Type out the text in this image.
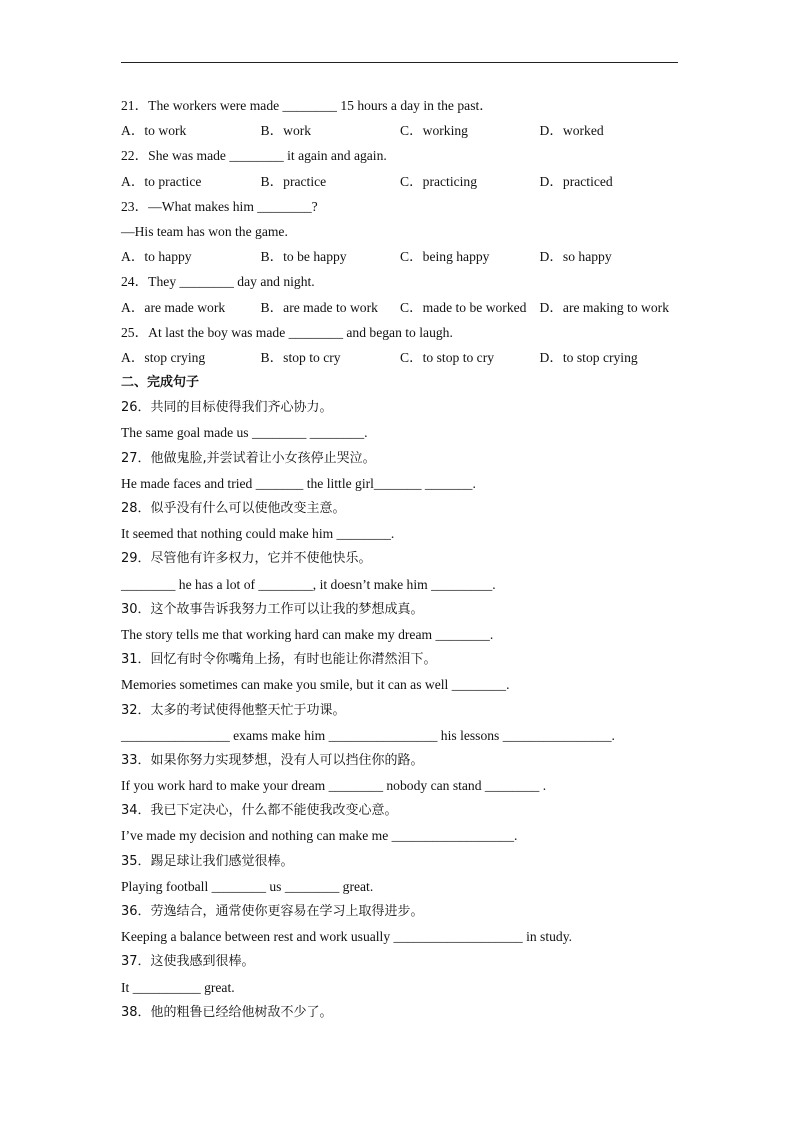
21．The workers were made ________ 15 hours a day in the past．
A．to work	B．work	C．working	D．worked
22．She was made ________ it again and again.
A．to practice	B．practice	C．practicing	D．practiced
23．—What makes him ________?
—His team has won the game.
A．to happy	B．to be happy	C．being happy	D．so happy
24．They ________ day and night.
A．are made work	B．are made to work	C．made to be worked D．are making to work
25．At last the boy was made ________ and began to laugh.
A．stop crying	B．stop to cry	C．to stop to cry	D．to stop crying
二、完成句子
26．共同的目标使得我们齐心协力。
The same goal made us ________ ________.
27．他做鬼脸,并尝试着让小女孩停止哭泣。
He made faces and tried _______ the little girl_______ _______.
28．似乎没有什么可以使他改变主意。
It seemed that nothing could make him ________.
29．尽管他有许多权力，它并不使他快乐。
________ he has a lot of ________, it doesn’t make him _________.
30．这个故事告诉我努力工作可以让我的梦想成真。
The story tells me that working hard can make my dream ________.
31．回忆有时令你嘴角上扬，有时也能让你潸然泪下。
Memories sometimes can make you smile, but it can as well ________.
32．太多的考试使得他整天忙于功课。
________________ exams make him ________________ his lessons ________________.
33．如果你努力实现梦想，没有人可以挡住你的路。
If you work hard to make your dream ________ nobody can stand ________ .
34．我已下定决心，什么都不能使我改变心意。
I’ve made my decision and nothing can make me __________________.
35．踢足球让我们感觉很棒。
Playing football ________ us ________ great.
36．劳逸结合，通常使你更容易在学习上取得进步。
Keeping a balance between rest and work usually ___________________ in study.
37．这使我感到很棒。
It __________ great.
38．他的粗鲁已经给他树敌不少了。
